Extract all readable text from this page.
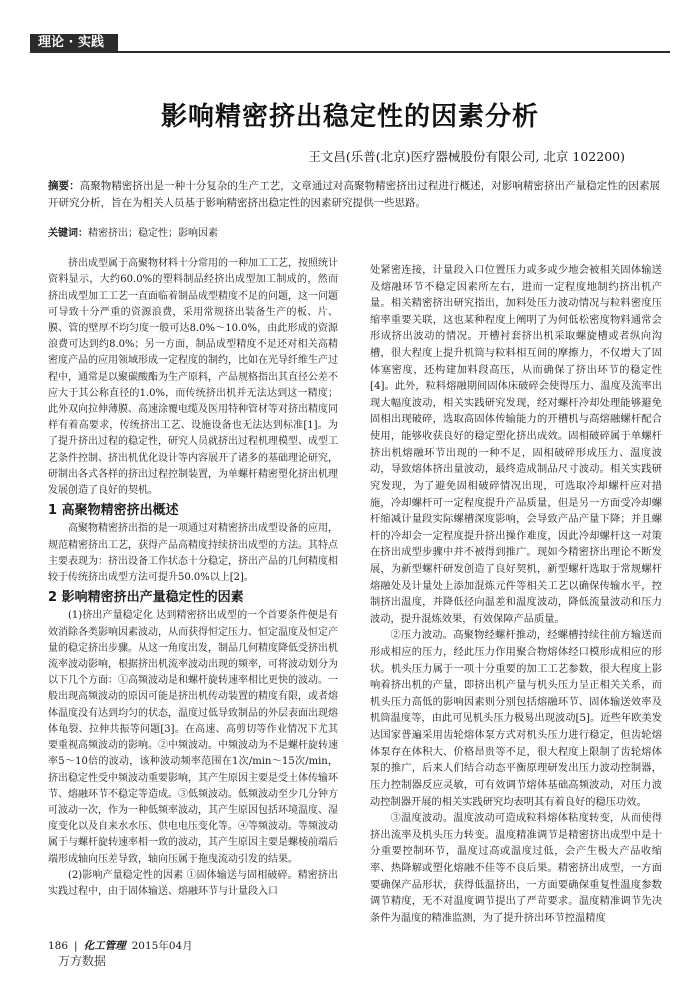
理论 · 实践
影响精密挤出稳定性的因素分析
王文昌(乐普(北京)医疗器械股份有限公司, 北京 102200)
摘要：高聚物精密挤出是一种十分复杂的生产工艺，文章通过对高聚物精密挤出过程进行概述，对影响精密挤出产量稳定性的因素展开研究分析，旨在为相关人员基于影响精密挤出稳定性的因素研究提供一些思路。

关键词：精密挤出；稳定性；影响因素

挤出成型属于高聚物材料十分常用的一种加工工艺，按照统计资料显示，大约60.0%的塑料制品经挤出成型加工制成的，然而挤出成型加工工艺一直面临着制品成型精度不足的问题，这一问题可导致十分严重的资源浪费，采用常规挤出装备生产的板、片、膜、管的壁厚不均匀度一般可达8.0%～10.0%，由此形成的资源浪费可达到约8.0%；另一方面，制品成型精度不足还对相关高精密度产品的应用领域形成一定程度的制约，比如在光导纤维生产过程中，通常是以聚碳酸酯为生产原料，产品规格指出其直径公差不应大于其公称直径的1.0%，而传统挤出机并无法达到这一精度；此外双向拉伸薄膜、高速涂覆电缆及医用特种管材等对挤出精度同样有着高要求，传统挤出工艺、设施设备也无法达到标准[1]。为了提升挤出过程的稳定性，研究人员就挤出过程机理模型、成型工艺条件控制、挤出机优化设计等内容展开了诸多的基础理论研究，研制出各式各样的挤出过程控制装置，为单螺杆精密塑化挤出机理发展创造了良好的契机。

1 高聚物精密挤出概述

高聚物精密挤出指的是一项通过对精密挤出成型设备的应用，规范精密挤出工艺，获得产品高精度持续挤出成型的方法。其特点主要表现为：挤出设备工作状态十分稳定，挤出产品的几何精度相较于传统挤出成型方法可提升50.0%以上[2]。

2 影响精密挤出产量稳定性的因素

(1)挤出产量稳定化 达到精密挤出成型的一个首要条件便是有效消除各类影响因素波动，从而获得恒定压力、恒定温度及恒定产量的稳定挤出步骤。从这一角度出发，制品几何精度降低受挤出机流率波动影响，根据挤出机流率波动出现的频率，可将波动划分为以下几个方面：①高频波动是和螺杆旋转速率相比更快的波动。一般出现高频波动的原因可能是挤出机传动装置的精度有限，或者熔体温度没有达到均匀的状态，温度过低导致制品的外层表面出现熔体龟裂、拉伸共振等问题[3]。在高速、高剪切等作业情况下尤其要重视高频波动的影响。②中频波动。中频波动为不是螺杆旋转速率5～10倍的波动，该种波动频率范围在1次/min～15次/min，挤出稳定性受中频波动重要影响，其产生原因主要是受土体传输环节、熔融环节不稳定等造成。③低频波动。低频波动至少几分钟方可波动一次，作为一种低频率波动，其产生原因包括环境温度、湿度变化以及自来水水压、供电电压变化等。④等频波动。等频波动属于与螺杆旋转速率相一致的波动，其产生原因主要是螺棱前端后端形成轴向压差导致，轴向压属于拖曳流动引发的结果。

(2)影响产量稳定性的因素 ①固体输送与固相破碎。精密挤出实践过程中，由于固体输送、熔融环节与计量段入口

处紧密连接，计量段入口位置压力或多或少地会被相关固体输送及熔融环节不稳定因素所左右，进而一定程度地制约挤出机产量。相关精密挤出研究指出，加料处压力波动情况与粒料密度压缩率重要关联，这也某种程度上阐明了为何低松密度物料通常会形成挤出波动的情况。开槽衬套挤出机采取螺旋槽或者纵向沟槽，很大程度上提升机筒与粒料相互间的摩擦力，不仅增大了固体塞密度，还构建加料段高压，从而确保了挤出环节的稳定性[4]。此外，粒料熔融期间固体床破碎会使得压力、温度及流率出现大幅度波动，相关实践研究发现，经对螺杆冷却处理能够避免固相出现破碎，选取高固体传输能力的开槽机与高熔融螺杆配合使用，能够收获良好的稳定塑化挤出成效。固相破碎属于单螺杆挤出机熔融环节出现的一种不足，固相破碎形成压力、温度波动，导致熔体挤出量波动，最终造成制品尺寸波动。相关实践研究发现，为了避免固相破碎情况出现，可选取冷却螺杆应对措施，冷却螺杆可一定程度提升产品质量，但是另一方面受冷却螺杆缩减计量段实际螺槽深度影响，会导致产品产量下降；并且螺杆的冷却会一定程度提升挤出操作难度，因此冷却螺杆这一对策在挤出成型步骤中并不被得到推广。现如今精密挤出理论不断发展，为新型螺杆研发创造了良好契机，新型螺杆选取于常规螺杆熔融处及计量处上添加混炼元件等相关工艺以确保传输水平，控制挤出温度，并降低径向温差和温度波动，降低流量波动和压力波动，提升混炼效果，有效保障产品质量。

②压力波动。高聚物经螺杆推动，经螺槽持续往前方输送而形成相应的压力，经此压力作用聚合物熔体经口模形成相应的形状。机头压力属于一项十分重要的加工工艺参数，很大程度上影响着挤出机的产量，即挤出机产量与机头压力呈正相关关系，而机头压力高低的影响因素则分别包括熔融环节、固体输送效率及机筒温度等，由此可见机头压力极易出现波动[5]。近些年欧美发达国家普遍采用齿轮熔体泵方式对机头压力进行稳定，但齿轮熔体泵存在体积大、价格昂贵等不足，很大程度上限制了齿轮熔体泵的推广，后来人们结合动态平衡原理研发出压力波动控制器，压力控制器反应灵敏，可有效调节熔体基础高频波动，对压力波动控制器开展的相关实践研究均表明其有着良好的稳压功效。

③温度波动。温度波动可造成粒料熔体粘度转变，从而使得挤出流率及机头压力转变。温度精准调节是精密挤出成型中是十分重要控制环节，温度过高或温度过低，会产生极大产品收缩率、热降解或塑化熔融不佳等不良后果。精密挤出成型，一方面要确保产品形状，获得低温挤出，一方面要确保重复性温度参数调节精度，无不对温度调节提出了严苛要求。温度精准调节先决条件为温度的精准监测，为了提升挤出环节控温精度

186 | 化工管理 2015年04月
万方数据
